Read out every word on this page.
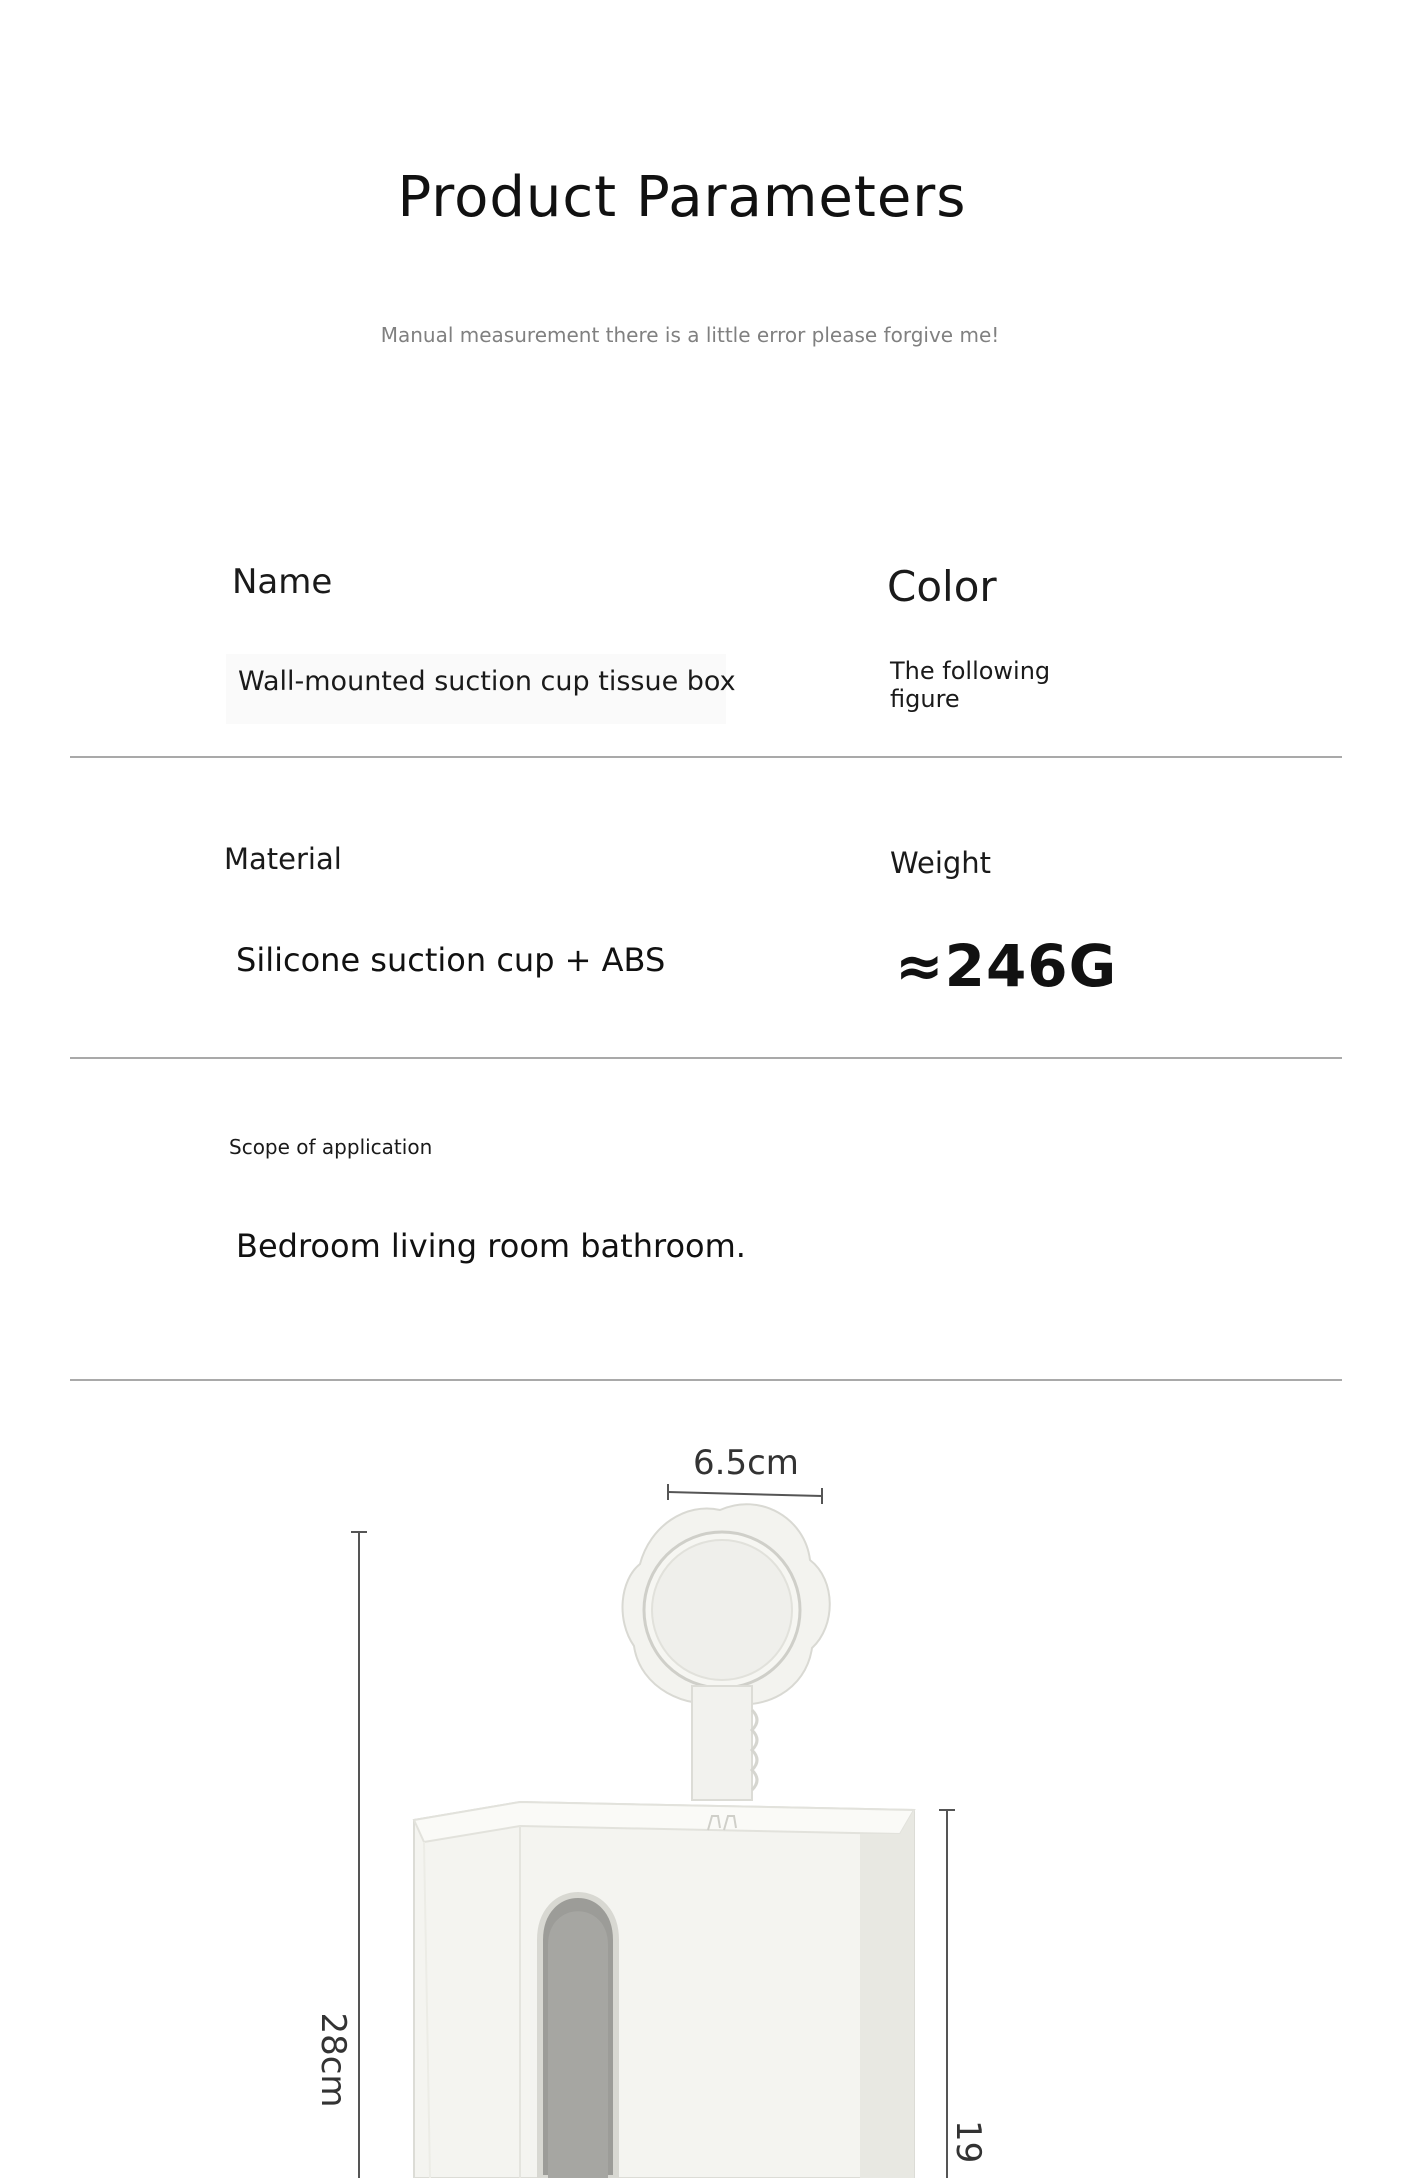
Product Parameters
Manual measurement there is a little error please forgive me!
Name
Wall-mounted suction cup tissue box
Color
The following figure
Material
Silicone suction cup + ABS
Weight
≈246G
Scope of application
Bedroom living room bathroom.
6.5cm
28cm
19
